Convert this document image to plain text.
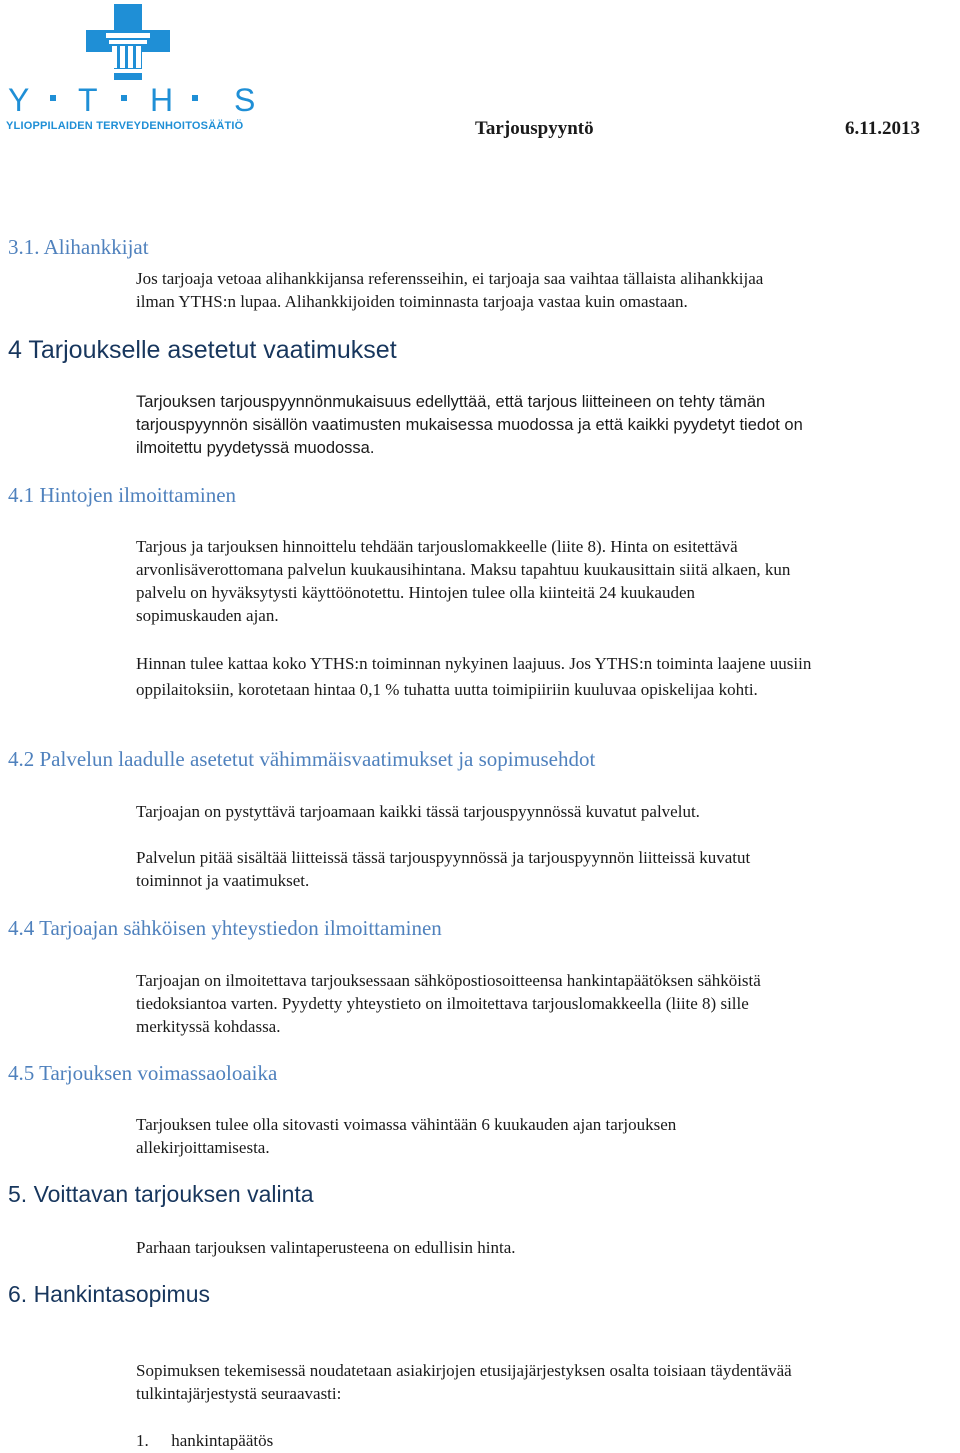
Y T H S
YLIOPPILAIDEN TERVEYDENHOITOSÄÄTIÖ	Tarjouspyyntö	6.11.2013
3.1. Alihankkijat
Jos tarjoaja vetoaa alihankkijansa referensseihin, ei tarjoaja saa vaihtaa tällaista alihankkijaa
ilman YTHS:n lupaa. Alihankkijoiden toiminnasta tarjoaja vastaa kuin omastaan.
4 Tarjoukselle asetetut vaatimukset
Tarjouksen tarjouspyynnönmukaisuus edellyttää, että tarjous liitteineen on tehty tämän
tarjouspyynnön sisällön vaatimusten mukaisessa muodossa ja että kaikki pyydetyt tiedot on
ilmoitettu pyydetyssä muodossa.
4.1 Hintojen ilmoittaminen
Tarjous ja tarjouksen hinnoittelu tehdään tarjouslomakkeelle (liite 8). Hinta on esitettävä
arvonlisäverottomana palvelun kuukausihintana. Maksu tapahtuu kuukausittain siitä alkaen, kun
palvelu on hyväksytysti käyttöönotettu. Hintojen tulee olla kiinteitä 24 kuukauden
sopimuskauden ajan.
Hinnan tulee kattaa koko YTHS:n toiminnan nykyinen laajuus. Jos YTHS:n toiminta laajene uusiin
oppilaitoksiin, korotetaan hintaa 0,1 % tuhatta uutta toimipiiriin kuuluvaa opiskelijaa kohti.
4.2 Palvelun laadulle asetetut vähimmäisvaatimukset ja sopimusehdot
Tarjoajan on pystyttävä tarjoamaan kaikki tässä tarjouspyynnössä kuvatut palvelut.
Palvelun pitää sisältää liitteissä tässä tarjouspyynnössä ja tarjouspyynnön liitteissä kuvatut
toiminnot ja vaatimukset.
4.4 Tarjoajan sähköisen yhteystiedon ilmoittaminen
Tarjoajan on ilmoitettava tarjouksessaan sähköpostiosoitteensa hankintapäätöksen sähköistä
tiedoksiantoa varten. Pyydetty yhteystieto on ilmoitettava tarjouslomakkeella (liite 8) sille
merkityssä kohdassa.
4.5 Tarjouksen voimassaoloaika
Tarjouksen tulee olla sitovasti voimassa vähintään 6 kuukauden ajan tarjouksen
allekirjoittamisesta.
5. Voittavan tarjouksen valinta
Parhaan tarjouksen valintaperusteena on edullisin hinta.
6. Hankintasopimus
Sopimuksen tekemisessä noudatetaan asiakirjojen etusijajärjestyksen osalta toisiaan täydentävää
tulkintajärjestystä seuraavasti:
1. hankintapäätös
